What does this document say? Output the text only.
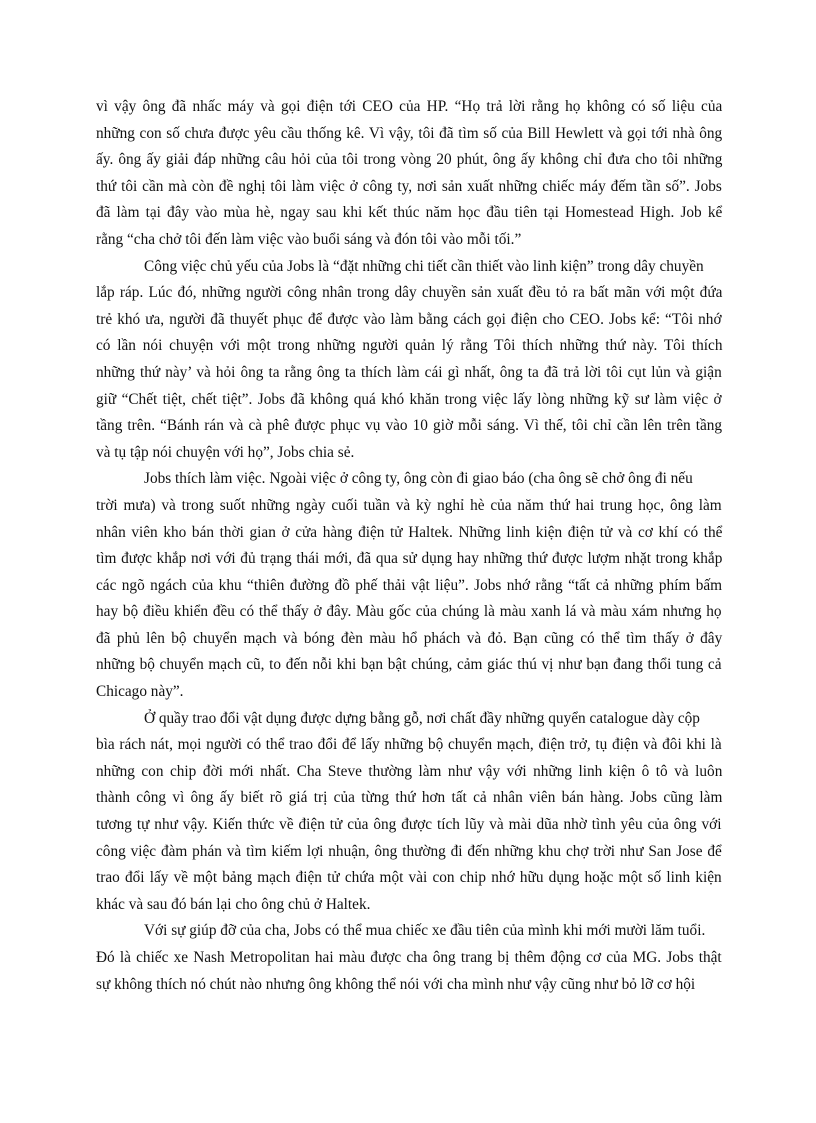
vì vậy ông đã nhấc máy và gọi điện tới CEO của HP. “Họ trả lời rằng họ không có số liệu của
những con số chưa được yêu cầu thống kê. Vì vậy, tôi đã tìm số của Bill Hewlett và gọi tới nhà ông
ấy. ông ấy giải đáp những câu hỏi của tôi trong vòng 20 phút, ông ấy không chỉ đưa cho tôi những
thứ tôi cần mà còn đề nghị tôi làm việc ở công ty, nơi sản xuất những chiếc máy đếm tần số”. Jobs
đã làm tại đây vào mùa hè, ngay sau khi kết thúc năm học đầu tiên tại Homestead High. Job kể
rằng “cha chở tôi đến làm việc vào buổi sáng và đón tôi vào mỗi tối.”

Công việc chủ yếu của Jobs là “đặt những chi tiết cần thiết vào linh kiện” trong dây chuyền
lắp ráp. Lúc đó, những người công nhân trong dây chuyền sản xuất đều tỏ ra bất mãn với một đứa
trẻ khó ưa, người đã thuyết phục để được vào làm bằng cách gọi điện cho CEO. Jobs kể: “Tôi nhớ
có lần nói chuyện với một trong những người quản lý rằng Tôi thích những thứ này. Tôi thích
những thứ này’ và hỏi ông ta rằng ông ta thích làm cái gì nhất, ông ta đã trả lời tôi cụt lủn và giận
giữ “Chết tiệt, chết tiệt”. Jobs đã không quá khó khăn trong việc lấy lòng những kỹ sư làm việc ở
tầng trên. “Bánh rán và cà phê được phục vụ vào 10 giờ mỗi sáng. Vì thế, tôi chỉ cần lên trên tầng
và tụ tập nói chuyện với họ”, Jobs chia sẻ.

Jobs thích làm việc. Ngoài việc ở công ty, ông còn đi giao báo (cha ông sẽ chở ông đi nếu
trời mưa) và trong suốt những ngày cuối tuần và kỳ nghỉ hè của năm thứ hai trung học, ông làm
nhân viên kho bán thời gian ở cửa hàng điện tử Haltek. Những linh kiện điện tử và cơ khí có thể
tìm được khắp nơi với đủ trạng thái mới, đã qua sử dụng hay những thứ được lượm nhặt trong khắp
các ngõ ngách của khu “thiên đường đồ phế thải vật liệu”. Jobs nhớ rằng “tất cả những phím bấm
hay bộ điều khiển đều có thể thấy ở đây. Màu gốc của chúng là màu xanh lá và màu xám nhưng họ
đã phủ lên bộ chuyển mạch và bóng đèn màu hổ phách và đỏ. Bạn cũng có thể tìm thấy ở đây
những bộ chuyển mạch cũ, to đến nỗi khi bạn bật chúng, cảm giác thú vị như bạn đang thổi tung cả
Chicago này”.

Ở quầy trao đổi vật dụng được dựng bằng gỗ, nơi chất đầy những quyển catalogue dày cộp
bìa rách nát, mọi người có thể trao đổi để lấy những bộ chuyển mạch, điện trở, tụ điện và đôi khi là
những con chip đời mới nhất. Cha Steve thường làm như vậy với những linh kiện ô tô và luôn
thành công vì ông ấy biết rõ giá trị của từng thứ hơn tất cả nhân viên bán hàng. Jobs cũng làm
tương tự như vậy. Kiến thức về điện tử của ông được tích lũy và mài dũa nhờ tình yêu của ông với
công việc đàm phán và tìm kiếm lợi nhuận, ông thường đi đến những khu chợ trời như San Jose để
trao đổi lấy về một bảng mạch điện tử chứa một vài con chip nhớ hữu dụng hoặc một số linh kiện
khác và sau đó bán lại cho ông chủ ở Haltek.

Với sự giúp đỡ của cha, Jobs có thể mua chiếc xe đầu tiên của mình khi mới mười lăm tuổi.
Đó là chiếc xe Nash Metropolitan hai màu được cha ông trang bị thêm động cơ của MG. Jobs thật
sự không thích nó chút nào nhưng ông không thể nói với cha mình như vậy cũng như bỏ lỡ cơ hội
